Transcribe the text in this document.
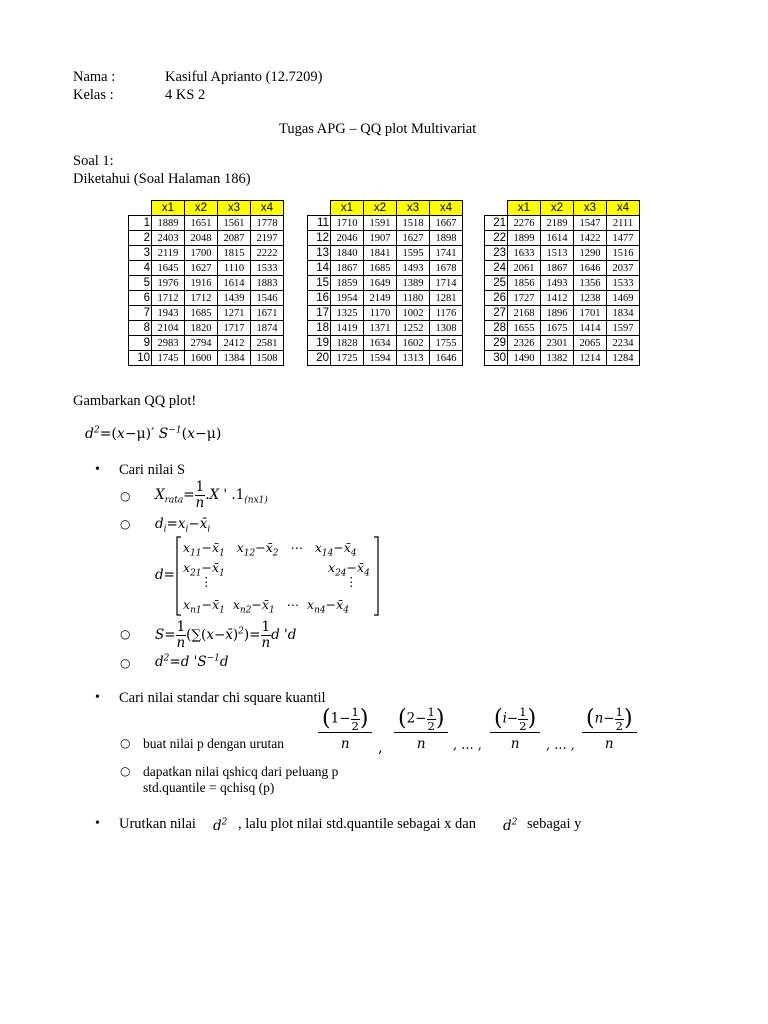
Nama :	Kasiful Aprianto (12.7209)
Kelas :	4 KS 2
Tugas APG – QQ plot Multivariat
Soal 1:
Diketahui (Soal Halaman 186)
	x1	x2	x3	x4
1	1889	1651	1561	1778
2	2403	2048	2087	2197
3	2119	1700	1815	2222
4	1645	1627	1110	1533
5	1976	1916	1614	1883
6	1712	1712	1439	1546
7	1943	1685	1271	1671
8	2104	1820	1717	1874
9	2983	2794	2412	2581
10	1745	1600	1384	1508
	x1	x2	x3	x4
11	1710	1591	1518	1667
12	2046	1907	1627	1898
13	1840	1841	1595	1741
14	1867	1685	1493	1678
15	1859	1649	1389	1714
16	1954	2149	1180	1281
17	1325	1170	1002	1176
18	1419	1371	1252	1308
19	1828	1634	1602	1755
20	1725	1594	1313	1646
	x1	x2	x3	x4
21	2276	2189	1547	2111
22	1899	1614	1422	1477
23	1633	1513	1290	1516
24	2061	1867	1646	2037
25	1856	1493	1356	1533
26	1727	1412	1238	1469
27	2168	1896	1701	1834
28	1655	1675	1414	1597
29	2326	2301	2065	2234
30	1490	1382	1214	1284
Gambarkan QQ plot!
$d^2=(x-\mu)'$ $S^{-1}(x-\mu)$
• Cari nilai S
○ $X_{rata}= \frac{1}{n} .X$ ' $.1_{(nx1)}$
○ $d_i=x_i-x̄_i$
d=
$x_{11}-x̄_1$   $x_{12}-x̄_2$ ⋯   $x_{14}-x̄_4$
$x_{21}-x̄_1$	$x_{24}-x̄_4$
⋮	⋮
$x_{n1}-x̄_1$  $x_{n2}-x̄_1$ ⋯  $x_{n4}-x̄_4$
○ $S= \frac{1}{n}$ (∑(x−x̄)$^2$)= $\frac{1}{n}$ d 'd
○ $d^2=d$ '$S^{-1}d$
• Cari nilai standar chi square kuantil
○ buat nilai p dengan urutan $\frac{(1- \frac{1}{2} )}{n}$ , $\frac{(2- \frac{1}{2} )}{n}$ , ... , $\frac{(i- \frac{1}{2} )}{n}$ , ... , $\frac{(n- \frac{1}{2} )}{n}$
○ dapatkan nilai qshicq dari peluang p
std.quantile = qchisq (p)
• Urutkan nilai $d^2$ , lalu plot nilai std.quantile sebagai x dan $d^2$ sebagai y
